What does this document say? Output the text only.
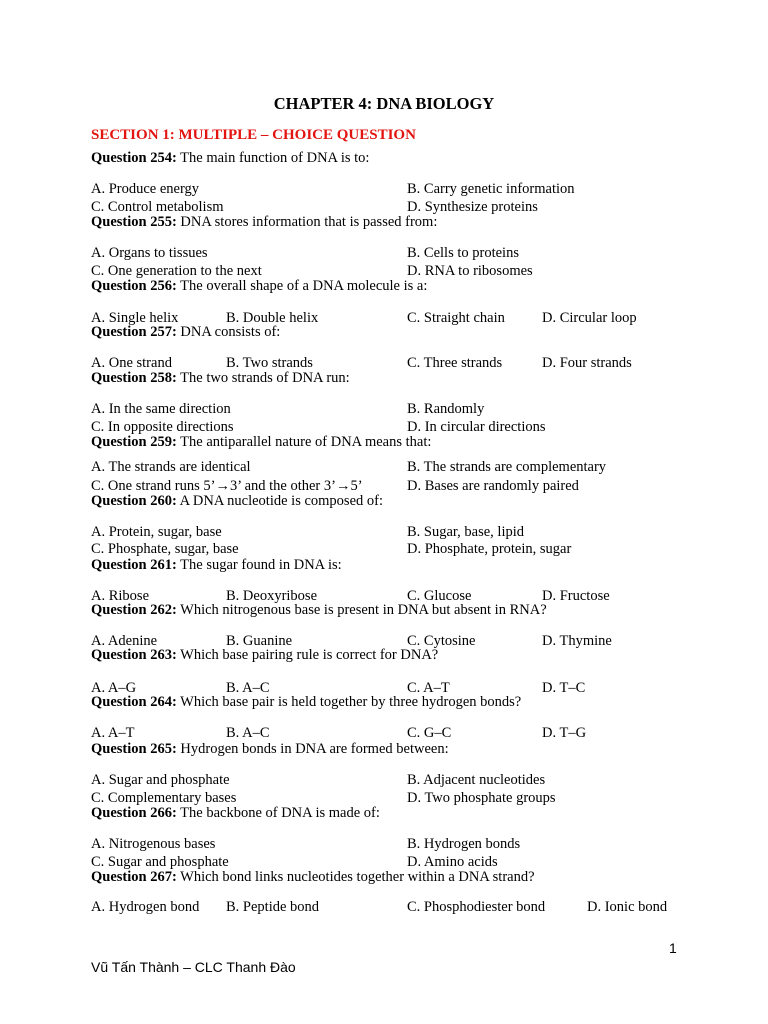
CHAPTER 4: DNA BIOLOGY
SECTION 1: MULTIPLE – CHOICE QUESTION
Question 254: The main function of DNA is to:
A. Produce energy	B. Carry genetic information
C. Control metabolism	D. Synthesize proteins
Question 255: DNA stores information that is passed from:
A. Organs to tissues	B. Cells to proteins
C. One generation to the next	D. RNA to ribosomes
Question 256: The overall shape of a DNA molecule is a:
A. Single helix	B. Double helix	C. Straight chain	D. Circular loop
Question 257: DNA consists of:
A. One strand	B. Two strands	C. Three strands	D. Four strands
Question 258: The two strands of DNA run:
A. In the same direction	B. Randomly
C. In opposite directions	D. In circular directions
Question 259: The antiparallel nature of DNA means that:
A. The strands are identical	B. The strands are complementary
C. One strand runs 5’→3’ and the other 3’→5’	D. Bases are randomly paired
Question 260: A DNA nucleotide is composed of:
A. Protein, sugar, base	B. Sugar, base, lipid
C. Phosphate, sugar, base	D. Phosphate, protein, sugar
Question 261: The sugar found in DNA is:
A. Ribose	B. Deoxyribose	C. Glucose	D. Fructose
Question 262: Which nitrogenous base is present in DNA but absent in RNA?
A. Adenine	B. Guanine	C. Cytosine	D. Thymine
Question 263: Which base pairing rule is correct for DNA?
A. A–G	B. A–C	C. A–T	D. T–C
Question 264: Which base pair is held together by three hydrogen bonds?
A. A–T	B. A–C	C. G–C	D. T–G
Question 265: Hydrogen bonds in DNA are formed between:
A. Sugar and phosphate	B. Adjacent nucleotides
C. Complementary bases	D. Two phosphate groups
Question 266: The backbone of DNA is made of:
A. Nitrogenous bases	B. Hydrogen bonds
C. Sugar and phosphate	D. Amino acids
Question 267: Which bond links nucleotides together within a DNA strand?
A. Hydrogen bond B. Peptide bond	C. Phosphodiester bond	D. Ionic bond
1
Vũ Tấn Thành – CLC Thanh Đào
